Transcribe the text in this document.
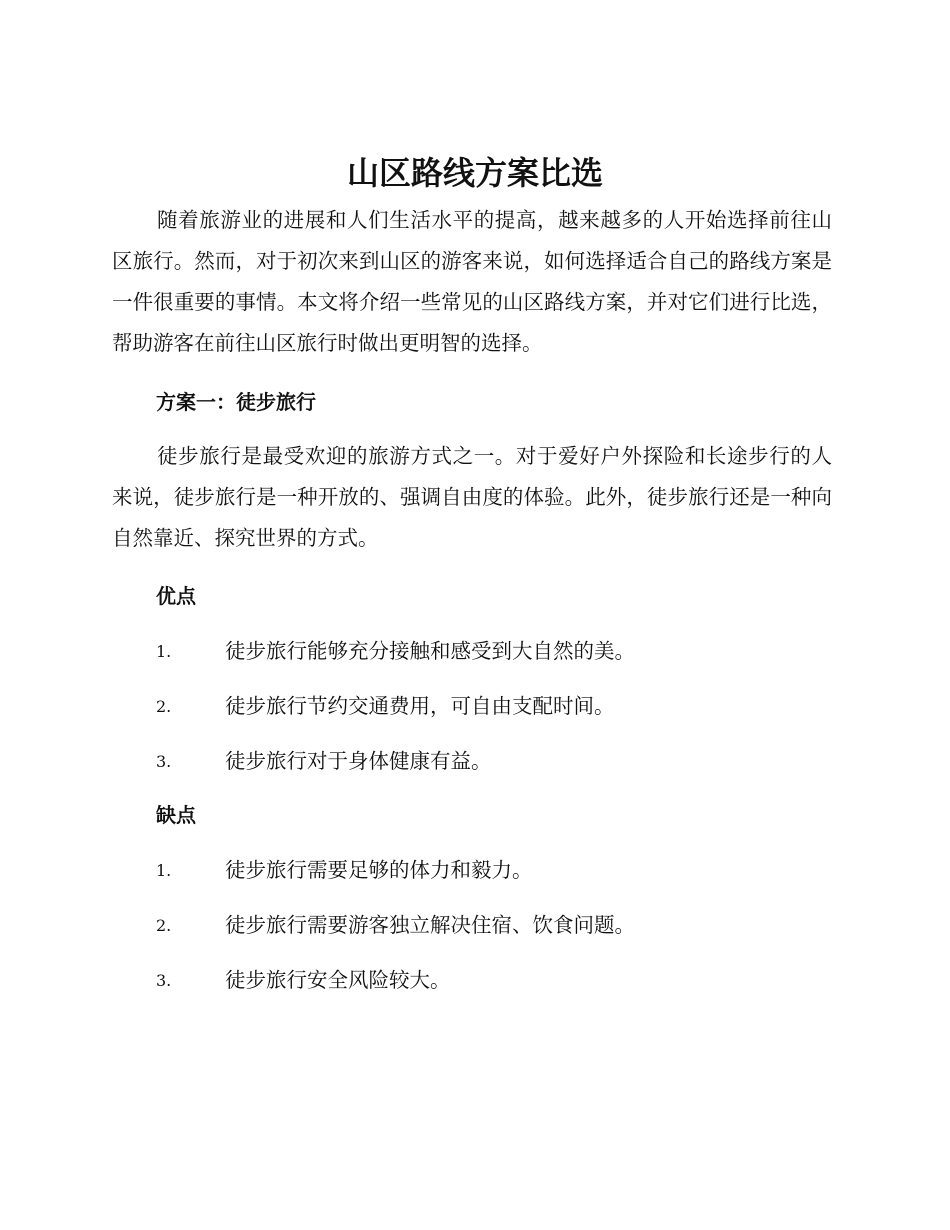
山区路线方案比选

随着旅游业的进展和人们生活水平的提高，越来越多的人开始选择前往山区旅行。然而，对于初次来到山区的游客来说，如何选择适合自己的路线方案是一件很重要的事情。本文将介绍一些常见的山区路线方案，并对它们进行比选，帮助游客在前往山区旅行时做出更明智的选择。

方案一：徒步旅行

徒步旅行是最受欢迎的旅游方式之一。对于爱好户外探险和长途步行的人来说，徒步旅行是一种开放的、强调自由度的体验。此外，徒步旅行还是一种向自然靠近、探究世界的方式。

优点
1.	徒步旅行能够充分接触和感受到大自然的美。
2.	徒步旅行节约交通费用，可自由支配时间。
3.	徒步旅行对于身体健康有益。
缺点
1.	徒步旅行需要足够的体力和毅力。
2.	徒步旅行需要游客独立解决住宿、饮食问题。
3.	徒步旅行安全风险较大。
